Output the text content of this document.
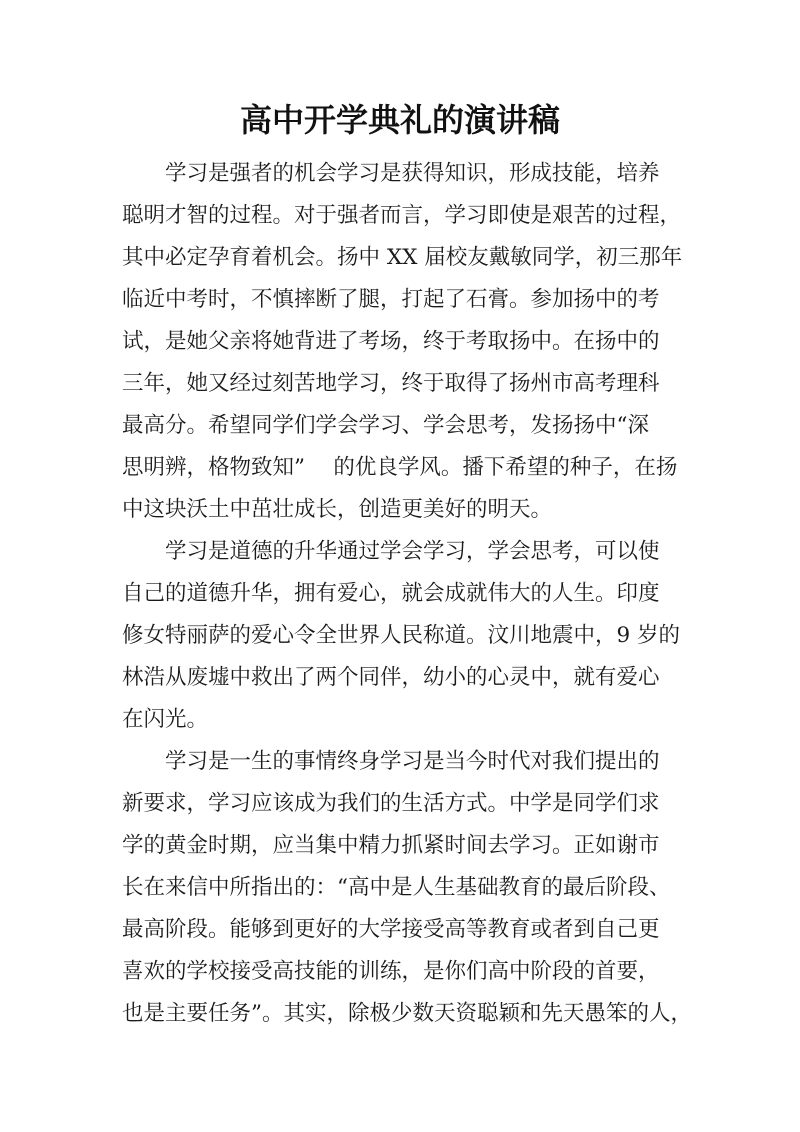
高中开学典礼的演讲稿
学习是强者的机会学习是获得知识，形成技能，培养
聪明才智的过程。对于强者而言，学习即使是艰苦的过程，
其中必定孕育着机会。扬中 XX 届校友戴敏同学，初三那年
临近中考时，不慎摔断了腿，打起了石膏。参加扬中的考
试，是她父亲将她背进了考场，终于考取扬中。在扬中的
三年，她又经过刻苦地学习，终于取得了扬州市高考理科
最高分。希望同学们学会学习、学会思考，发扬扬中“深
思明辨，格物致知”　 的优良学风。播下希望的种子，在扬
中这块沃土中茁壮成长，创造更美好的明天。
学习是道德的升华通过学会学习，学会思考，可以使
自己的道德升华，拥有爱心，就会成就伟大的人生。印度
修女特丽萨的爱心令全世界人民称道。汶川地震中，9 岁的
林浩从废墟中救出了两个同伴，幼小的心灵中，就有爱心
在闪光。
学习是一生的事情终身学习是当今时代对我们提出的
新要求，学习应该成为我们的生活方式。中学是同学们求
学的黄金时期，应当集中精力抓紧时间去学习。正如谢市
长在来信中所指出的：“高中是人生基础教育的最后阶段、
最高阶段。能够到更好的大学接受高等教育或者到自己更
喜欢的学校接受高技能的训练，是你们高中阶段的首要，
也是主要任务”。其实，除极少数天资聪颖和先天愚笨的人，
